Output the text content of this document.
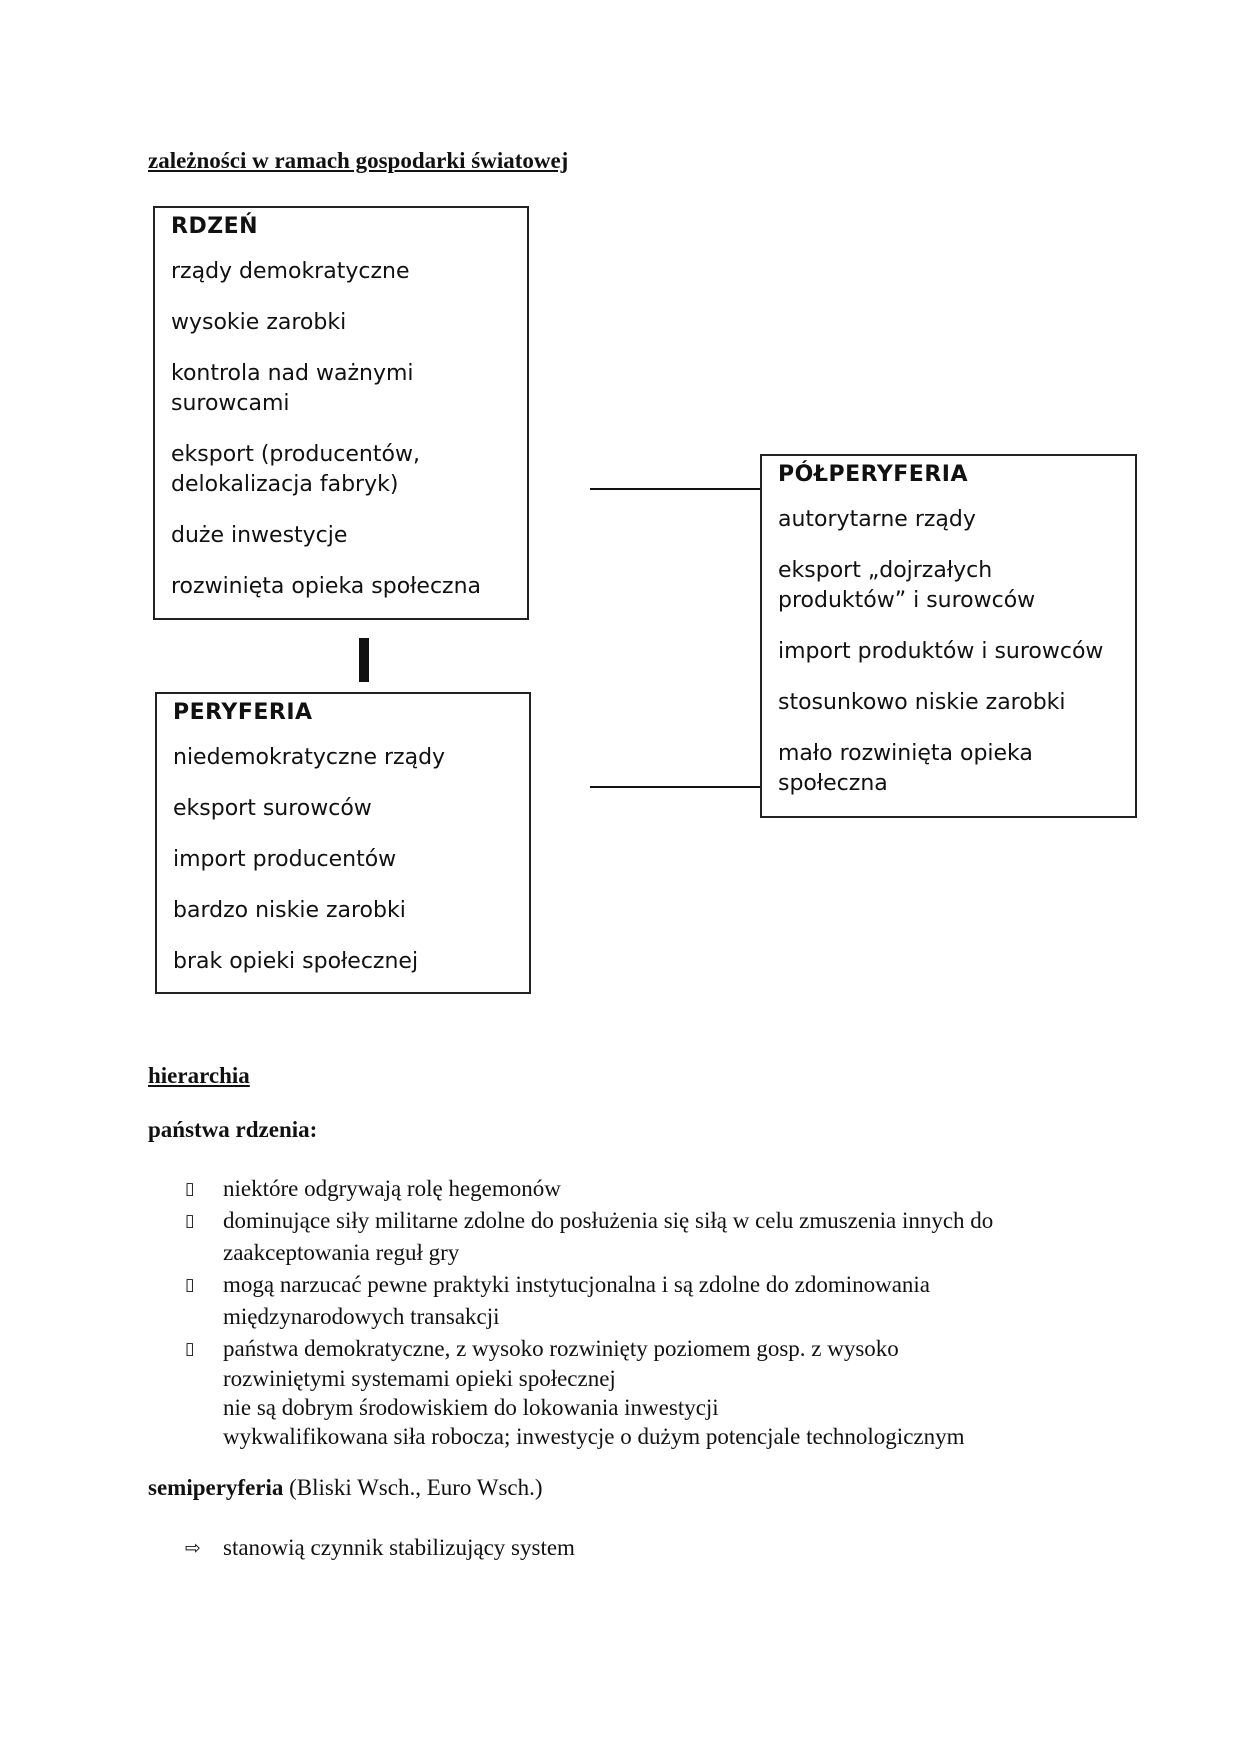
zależności w ramach gospodarki światowej
RDZEŃ
rządy demokratyczne
wysokie zarobki
kontrola nad ważnymi surowcami
eksport (producentów, delokalizacja fabryk)
duże inwestycje
rozwinięta opieka społeczna
PERYFERIA
niedemokratyczne rządy
eksport surowców
import producentów
bardzo niskie zarobki
brak opieki społecznej
PÓŁPERYFERIA
autorytarne rządy
eksport „dojrzałych produktów” i surowców
import produktów i surowców
stosunkowo niskie zarobki
mało rozwinięta opieka społeczna
hierarchia
państwa rdzenia:
▯ niektóre odgrywają rolę hegemonów
▯ dominujące siły militarne zdolne do posłużenia się siłą w celu zmuszenia innych do
zaakceptowania reguł gry
▯ mogą narzucać pewne praktyki instytucjonalna i są zdolne do zdominowania
międzynarodowych transakcji
▯ państwa demokratyczne, z wysoko rozwinięty poziomem gosp. z wysoko
rozwiniętymi systemami opieki społecznej
nie są dobrym środowiskiem do lokowania inwestycji
wykwalifikowana siła robocza; inwestycje o dużym potencjale technologicznym
semiperyferia (Bliski Wsch., Euro Wsch.)
⇨ stanowią czynnik stabilizujący system
